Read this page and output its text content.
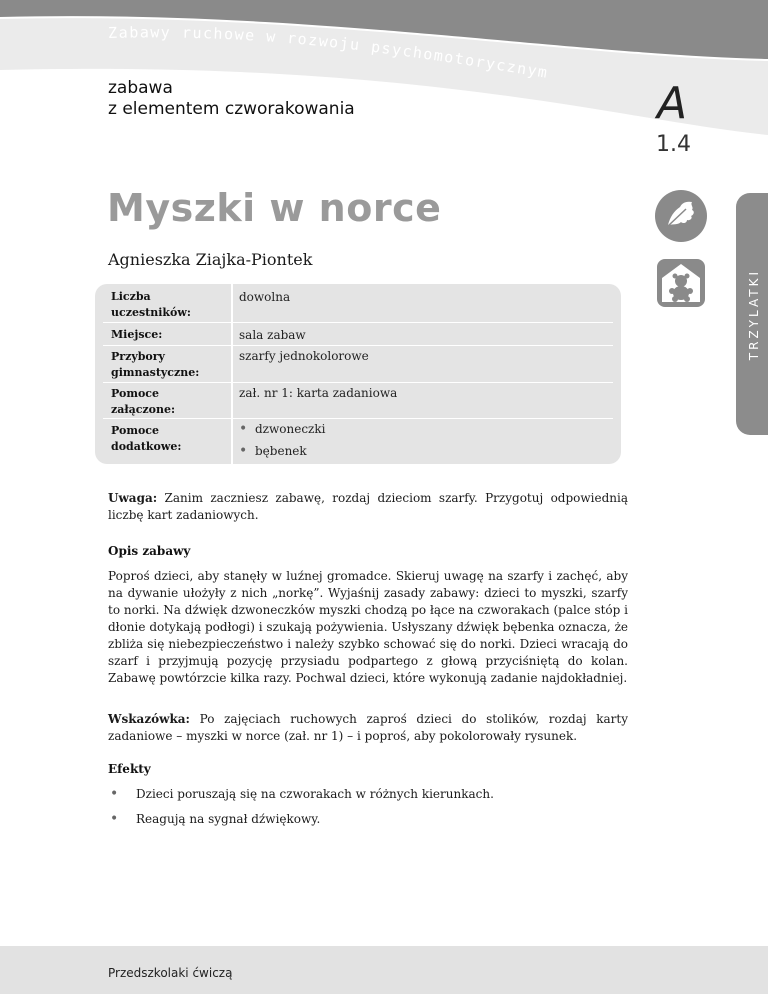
Zabawy ruchowe w rozwoju psychomotorycznym
zabawa
z elementem czworakowania	A
1.4
TRZYLATKI
Myszki w norce
Agnieszka Ziajka-Piontek
Liczba
uczestników:
dowolna
Miejsce:	sala zabaw
Przybory
gimnastyczne:
szarfy jednokolorowe
Pomoce
załączone:
zał. nr 1: karta zadaniowa
Pomoce
dodatkowe:
• dzwoneczki
• bębenek

Uwaga: Zanim zaczniesz zabawę, rozdaj dzieciom szarfy. Przygotuj odpowiednią liczbę kart zadaniowych.

Opis zabawy

Poproś dzieci, aby stanęły w luźnej gromadce. Skieruj uwagę na szarfy i zachęć, aby na dywanie ułożyły z nich „norkę”. Wyjaśnij zasady zabawy: dzieci to myszki, szarfy to norki. Na dźwięk dzwoneczków myszki chodzą po łące na czworakach (palce stóp i dłonie dotykają podłogi) i szukają pożywienia. Usłyszany dźwięk bębenka oznacza, że zbliża się niebezpieczeństwo i należy szybko schować się do norki. Dzieci wracają do szarf i przyjmują pozycję przysiadu podpartego z głową przyciśniętą do kolan. Zabawę powtórzcie kilka razy. Pochwal dzieci, które wykonują zadanie najdokładniej.

Wskazówka: Po zajęciach ruchowych zaproś dzieci do stolików, rozdaj karty zadaniowe – myszki w norce (zał. nr 1) – i poproś, aby pokolorowały rysunek.

Efekty
• Dzieci poruszają się na czworakach w różnych kierunkach.
• Reagują na sygnał dźwiękowy.
Przedszkolaki ćwiczą
